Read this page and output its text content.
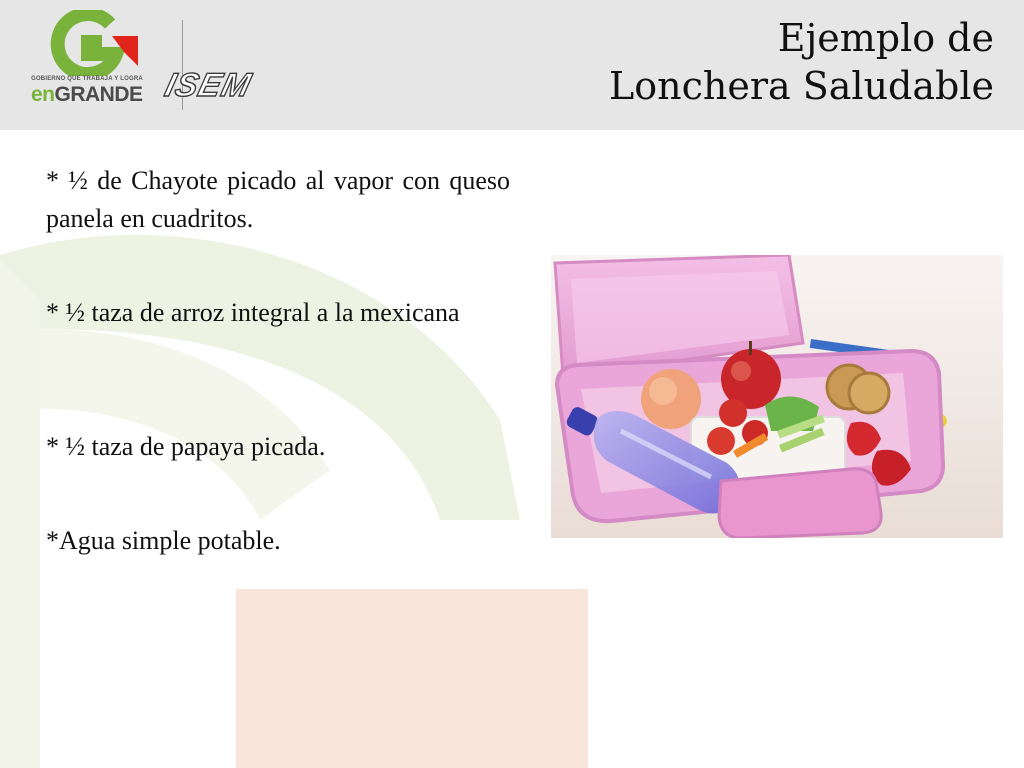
GOBIERNO QUE TRABAJA Y LOGRA
enGRANDE ISEM
Ejemplo de
Lonchera Saludable
* ½ de Chayote picado al vapor con queso panela en cuadritos.
* ½ taza de arroz integral a la mexicana
* ½ taza de papaya picada.
*Agua simple potable.
